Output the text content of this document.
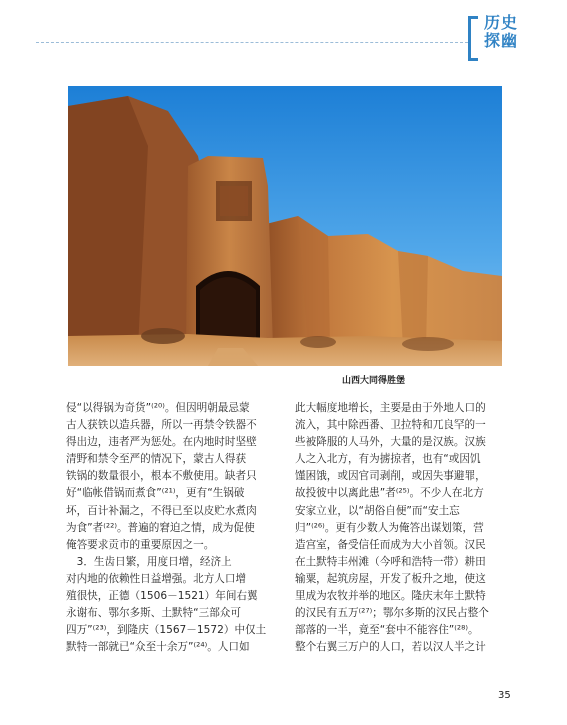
历史
探幽
山西大同得胜堡
侵“以得锅为奇货”⁽²⁰⁾。但因明朝最忌蒙
古人获铁以造兵器，所以一再禁令铁器不
得出边，违者严为惩处。在内地时时坚壁
清野和禁令至严的情况下，蒙古人得获
铁锅的数量很小，根本不敷使用。缺者只
好“临帐借锅而煮食”⁽²¹⁾，更有“生锅破
坏，百计补漏之，不得已至以皮贮水煮肉
为食”者⁽²²⁾。普遍的窘迫之情，成为促使
俺答要求贡市的重要原因之一。
　3．生齿日繁，用度日增，经济上
对内地的依赖性日益增强。北方人口增
殖很快，正德（1506－1521）年间右翼
永谢布、鄂尔多斯、土默特“三部众可
四万”⁽²³⁾，到隆庆（1567－1572）中仅土
默特一部就已“众至十余万”⁽²⁴⁾。人口如
此大幅度地增长，主要是由于外地人口的
流入，其中除西番、卫拉特和兀良罕的一
些被降服的人马外，大量的是汉族。汉族
人之入北方，有为掳掠者，也有“或因饥
馑困饿，或因官司剥削，或因失事避罪，
故投彼中以离此患”者⁽²⁵⁾。不少人在北方
安家立业，以“胡俗自便”而“安土忘
归”⁽²⁶⁾。更有少数人为俺答出谋划策，营
造宫室，备受信任而成为大小首领。汉民
在土默特丰州滩（今呼和浩特一带）耕田
输粟，起筑房屋，开发了板升之地，使这
里成为农牧并举的地区。隆庆末年土默特
的汉民有五万⁽²⁷⁾；鄂尔多斯的汉民占整个
部落的一半，竟至“套中不能容住”⁽²⁸⁾。
整个右翼三万户的人口，若以汉人半之计
35
